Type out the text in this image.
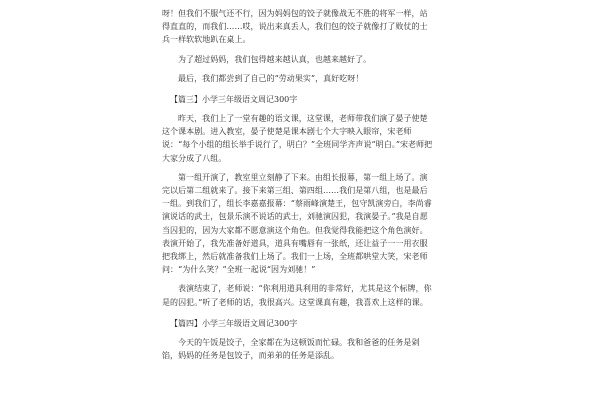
呀！但我们不服气还不行，因为妈妈包的饺子就像战无不胜的将军一样，站得直直的，而我们……哎，说出来真丢人，我们包的饺子就像打了败仗的士兵一样软软地趴在桌上。

为了超过妈妈，我们包得越来越认真，也越来越好了。

最后，我们都尝到了自己的“劳动果实”，真好吃呀！

【篇三】小学三年级语文周记300字

昨天，我们上了一堂有趣的语文课，这堂课，老师带我们演了晏子使楚这个课本剧。进入教室，晏子使楚是课本剧七个大字映入眼帘，宋老师说：“每个小组的组长举手说行了，明白？”全班同学齐声说“明白。”宋老师把大家分成了八组。

第一组开演了，教室里立刻静了下来。由组长报幕，第一组上场了。演完以后第二组就来了。接下来第三组、第四组……我们是第八组，也是最后一组。到我们了，组长李嘉嘉报幕：“蔡雨峰演楚王，包守凯演旁白，李尚睿演说话的武士，包景乐演不说话的武士，刘驰演囚犯，我演晏子。”我是自愿当囚犯的，因为大家都不愿意演这个角色。但我觉得我能把这个角色演好。表演开始了，我先准备好道具，道具有嘴唇有一张纸，还让益子一一用衣服把我绑上，然后就准备我们上场了。我们一上场，全班都哄堂大笑，宋老师问：“为什么笑？”全班一起说“因为刘驰！”

表演结束了，老师说：“你利用道具利用的非常好，尤其是这个标牌，你是的囚犯。”听了老师的话，我很高兴。这堂课真有趣，我喜欢上这样的课。

【篇四】小学三年级语文周记300字

今天的午饭是饺子，全家都在为这顿饭而忙碌。我和爸爸的任务是剁馅，妈妈的任务是包饺子，而弟弟的任务是添乱。
